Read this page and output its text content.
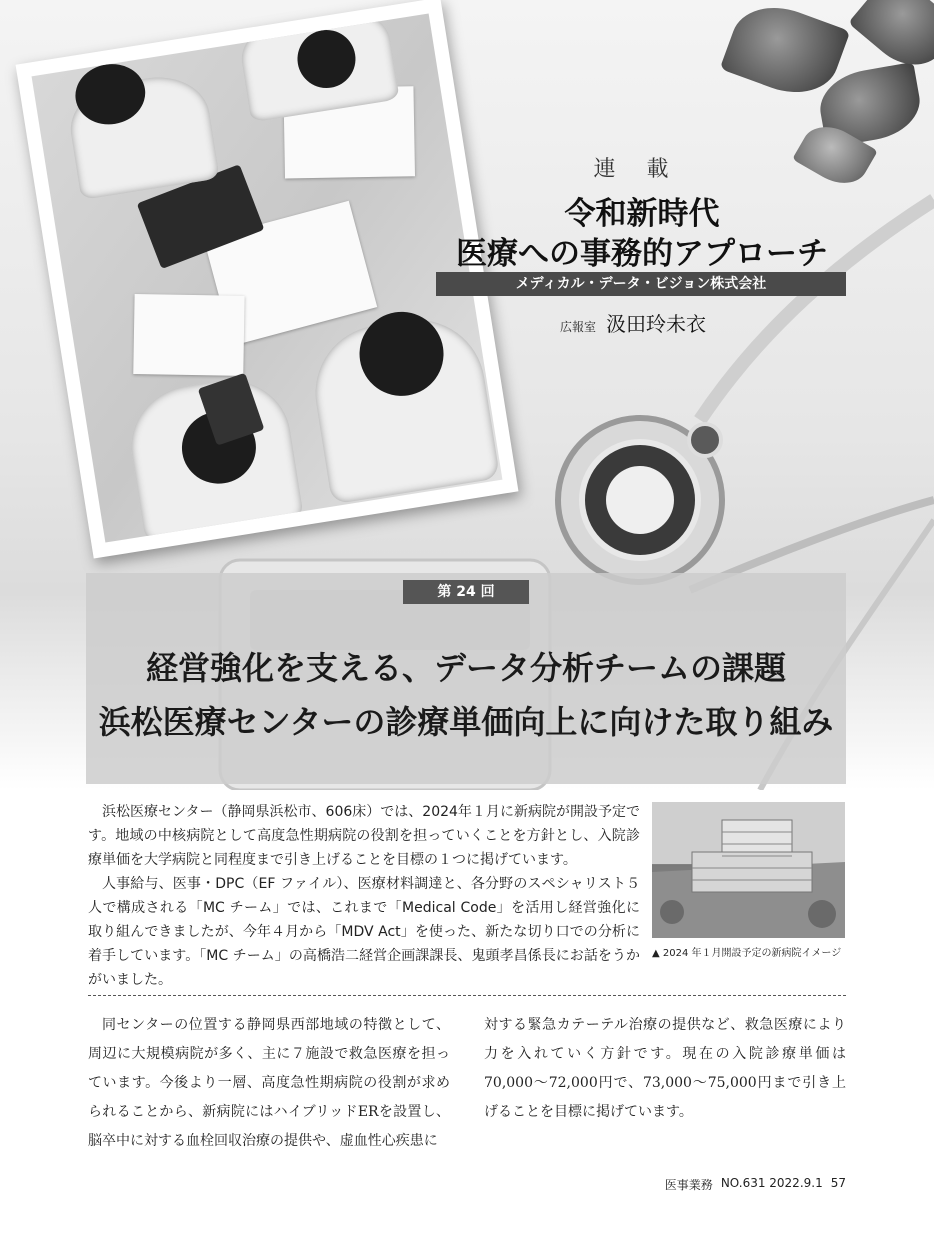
連 載
令和新時代
医療への事務的アプローチ
メディカル・データ・ビジョン株式会社
広報室 汲田玲未衣
第 24 回
経営強化を支える、データ分析チームの課題
浜松医療センターの診療単価向上に向けた取り組み

浜松医療センター（静岡県浜松市、606床）では、2024年１月に新病院が開設予定です。地域の中核病院として高度急性期病院の役割を担っていくことを方針とし、入院診療単価を大学病院と同程度まで引き上げることを目標の１つに掲げています。

人事給与、医事・DPC（EF ファイル）、医療材料調達と、各分野のスペシャリスト５人で構成される「MC チーム」では、これまで「Medical Code」を活用し経営強化に取り組んできましたが、今年４月から「MDV Act」を使った、新たな切り口での分析に着手しています。「MC チーム」の高橋浩二経営企画課課長、鬼頭孝昌係長にお話をうかがいました。

▲ 2024 年１月開設予定の新病院イメージ

同センターの位置する静岡県西部地域の特徴として、周辺に大規模病院が多く、主に７施設で救急医療を担っています。今後より一層、高度急性期病院の役割が求められることから、新病院にはハイブリッドERを設置し、脳卒中に対する血栓回収治療の提供や、虚血性心疾患に

対する緊急カテーテル治療の提供など、救急医療により力を入れていく方針です。現在の入院診療単価は70,000〜72,000円で、73,000〜75,000円まで引き上げることを目標に掲げています。

医事業務 NO.631 2022.9.1 57
